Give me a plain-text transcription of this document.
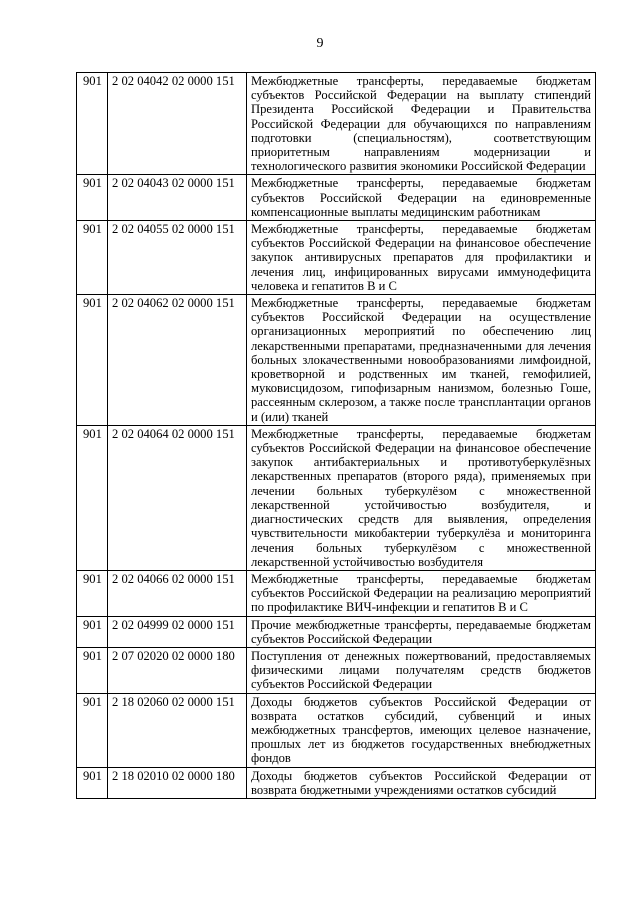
9
901	2 02 04042 02 0000 151	Межбюджетные трансферты, передаваемые бюджетам субъектов Российской Федерации на выплату стипендий Президента Российской Федерации и Правительства Российской Федерации для обучающихся по направлениям подготовки (специальностям), соответствующим приоритетным направлениям модернизации и технологического развития экономики Российской Федерации
901	2 02 04043 02 0000 151	Межбюджетные трансферты, передаваемые бюджетам субъектов Российской Федерации на единовременные компенсационные выплаты медицинским работникам
901	2 02 04055 02 0000 151	Межбюджетные трансферты, передаваемые бюджетам субъектов Российской Федерации на финансовое обеспечение закупок антивирусных препаратов для профилактики и лечения лиц, инфицированных вирусами иммунодефицита человека и гепатитов В и С
901	2 02 04062 02 0000 151	Межбюджетные трансферты, передаваемые бюджетам субъектов Российской Федерации на осуществление организационных мероприятий по обеспечению лиц лекарственными препаратами, предназначенными для лечения больных злокачественными новообразованиями лимфоидной, кроветворной и родственных им тканей, гемофилией, муковисцидозом, гипофизарным нанизмом, болезнью Гоше, рассеянным склерозом, а также после трансплантации органов и (или) тканей
901	2 02 04064 02 0000 151	Межбюджетные трансферты, передаваемые бюджетам субъектов Российской Федерации на финансовое обеспечение закупок антибактериальных и противотуберкулёзных лекарственных препаратов (второго ряда), применяемых при лечении больных туберкулёзом с множественной лекарственной устойчивостью возбудителя, и диагностических средств для выявления, определения чувствительности микобактерии туберкулёза и мониторинга лечения больных туберкулёзом с множественной лекарственной устойчивостью возбудителя
901	2 02 04066 02 0000 151	Межбюджетные трансферты, передаваемые бюджетам субъектов Российской Федерации на реализацию мероприятий по профилактике ВИЧ-инфекции и гепатитов В и С
901	2 02 04999 02 0000 151	Прочие межбюджетные трансферты, передаваемые бюджетам субъектов Российской Федерации
901	2 07 02020 02 0000 180	Поступления от денежных пожертвований, предоставляемых физическими лицами получателям средств бюджетов субъектов Российской Федерации
901	2 18 02060 02 0000 151	Доходы бюджетов субъектов Российской Федерации от возврата остатков субсидий, субвенций и иных межбюджетных трансфертов, имеющих целевое назначение, прошлых лет из бюджетов государственных внебюджетных фондов
901	2 18 02010 02 0000 180	Доходы бюджетов субъектов Российской Федерации от возврата бюджетными учреждениями остатков субсидий
